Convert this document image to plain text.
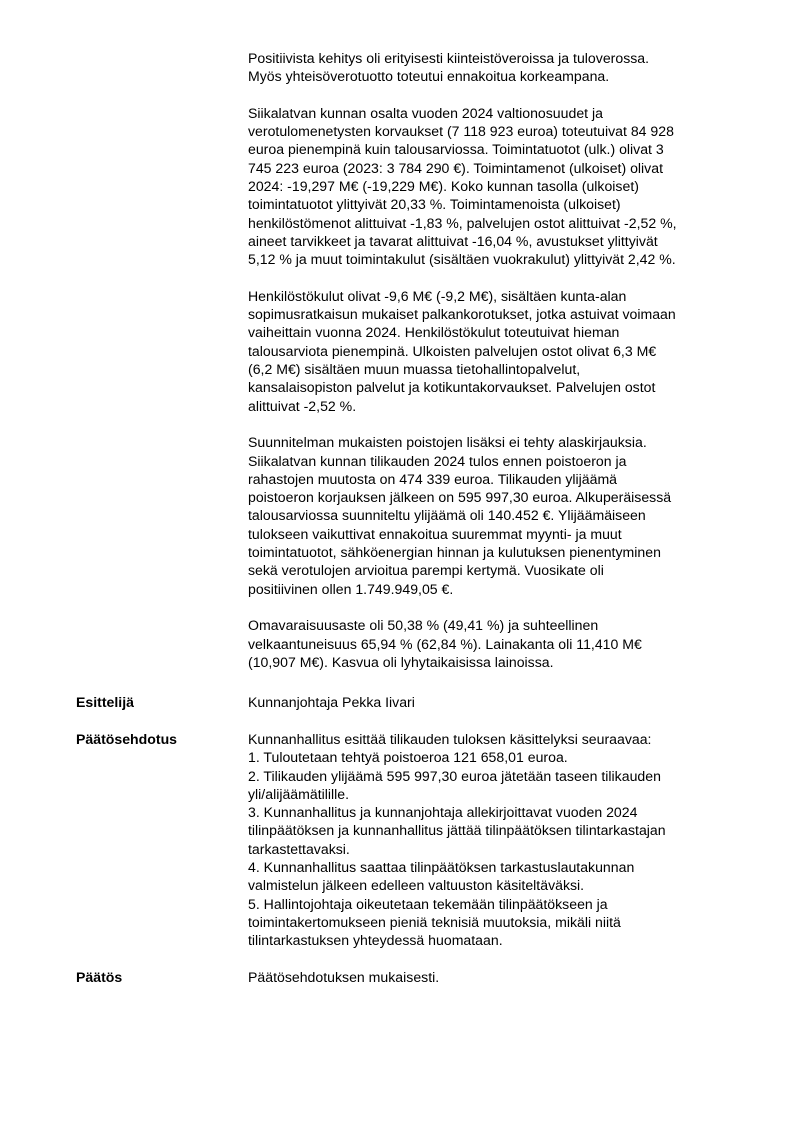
Positiivista kehitys oli erityisesti kiinteistöveroissa ja tuloverossa.
Myös yhteisöverotuotto toteutui ennakoitua korkeampana.

Siikalatvan kunnan osalta vuoden 2024 valtionosuudet ja
verotulomenetysten korvaukset (7 118 923 euroa) toteutuivat 84 928
euroa pienempinä kuin talousarviossa. Toimintatuotot (ulk.) olivat 3
745 223 euroa (2023: 3 784 290 €). Toimintamenot (ulkoiset) olivat
2024: -19,297 M€ (-19,229 M€). Koko kunnan tasolla (ulkoiset)
toimintatuotot ylittyivät 20,33 %. Toimintamenoista (ulkoiset)
henkilöstömenot alittuivat -1,83 %, palvelujen ostot alittuivat -2,52 %,
aineet tarvikkeet ja tavarat alittuivat -16,04 %, avustukset ylittyivät
5,12 % ja muut toimintakulut (sisältäen vuokrakulut) ylittyivät 2,42 %.

Henkilöstökulut olivat -9,6 M€ (-9,2 M€), sisältäen kunta-alan
sopimusratkaisun mukaiset palkankorotukset, jotka astuivat voimaan
vaiheittain vuonna 2024. Henkilöstökulut toteutuivat hieman
talousarviota pienempinä. Ulkoisten palvelujen ostot olivat 6,3 M€
(6,2 M€) sisältäen muun muassa tietohallintopalvelut,
kansalaisopiston palvelut ja kotikuntakorvaukset. Palvelujen ostot
alittuivat -2,52 %.

Suunnitelman mukaisten poistojen lisäksi ei tehty alaskirjauksia.
Siikalatvan kunnan tilikauden 2024 tulos ennen poistoeron ja
rahastojen muutosta on 474 339 euroa. Tilikauden ylijäämä
poistoeron korjauksen jälkeen on 595 997,30 euroa. Alkuperäisessä
talousarviossa suunniteltu ylijäämä oli 140.452 €. Ylijäämäiseen
tulokseen vaikuttivat ennakoitua suuremmat myynti- ja muut
toimintatuotot, sähköenergian hinnan ja kulutuksen pienentyminen
sekä verotulojen arvioitua parempi kertymä. Vuosikate oli
positiivinen ollen 1.749.949,05 €.

Omavaraisuusaste oli 50,38 % (49,41 %) ja suhteellinen
velkaantuneisuus 65,94 % (62,84 %). Lainakanta oli 11,410 M€
(10,907 M€). Kasvua oli lyhytaikaisissa lainoissa.

Esittelijä	Kunnanjohtaja Pekka Iivari
Päätösehdotus	Kunnanhallitus esittää tilikauden tuloksen käsittelyksi seuraavaa:
1. Tuloutetaan tehtyä poistoeroa 121 658,01 euroa.
2. Tilikauden ylijäämä 595 997,30 euroa jätetään taseen tilikauden
yli/alijäämätilille.
3. Kunnanhallitus ja kunnanjohtaja allekirjoittavat vuoden 2024
tilinpäätöksen ja kunnanhallitus jättää tilinpäätöksen tilintarkastajan
tarkastettavaksi.
4. Kunnanhallitus saattaa tilinpäätöksen tarkastuslautakunnan
valmistelun jälkeen edelleen valtuuston käsiteltäväksi.
5. Hallintojohtaja oikeutetaan tekemään tilinpäätökseen ja
toimintakertomukseen pieniä teknisiä muutoksia, mikäli niitä
tilintarkastuksen yhteydessä huomataan.
Päätös	Päätösehdotuksen mukaisesti.
